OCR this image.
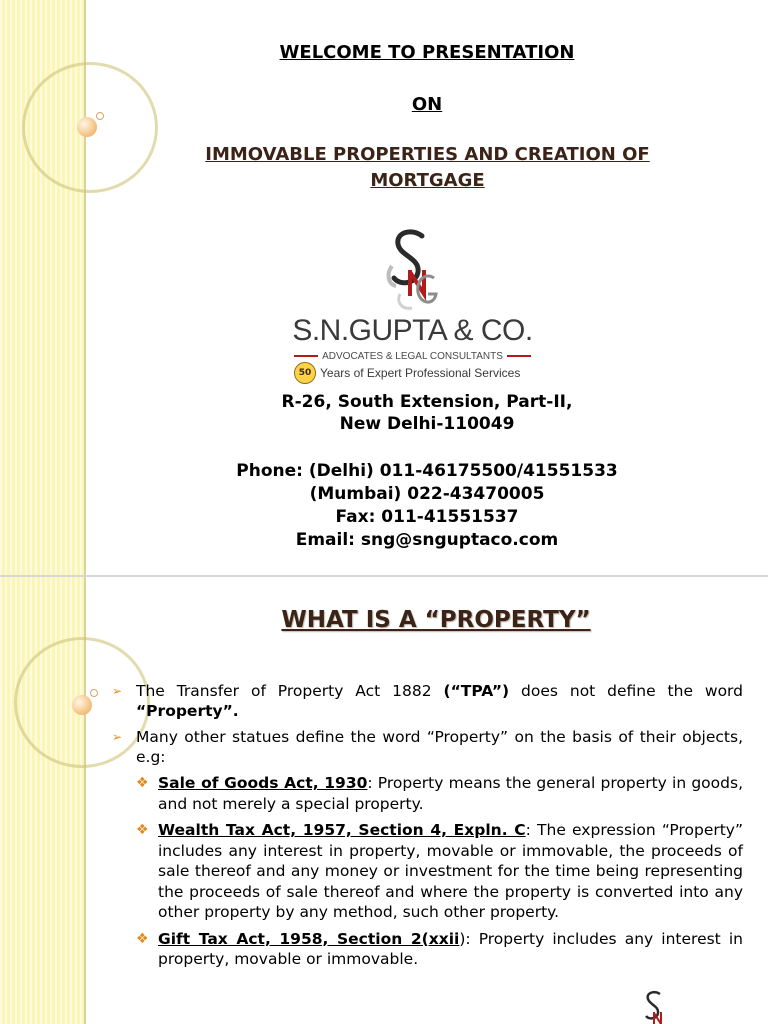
WELCOME TO PRESENTATION
ON
IMMOVABLE PROPERTIES AND CREATION OF MORTGAGE
S.N.GUPTA & CO.
ADVOCATES & LEGAL CONSULTANTS
50 Years of Expert Professional Services
R-26, South Extension, Part-II,
New Delhi-110049
Phone: (Delhi) 011-46175500/41551533
(Mumbai) 022-43470005
Fax: 011-41551537
Email: sng@snguptaco.com
WHAT IS A “PROPERTY”
➢ The Transfer of Property Act 1882 (“TPA”) does not define the word “Property”.
➢ Many other statues define the word “Property” on the basis of their objects, e.g:
❖ Sale of Goods Act, 1930: Property means the general property in goods, and not merely a special property.
❖ Wealth Tax Act, 1957, Section 4, Expln. C: The expression “Property” includes any interest in property, movable or immovable, the proceeds of sale thereof and any money or investment for the time being representing the proceeds of sale thereof and where the property is converted into any other property by any method, such other property.
❖ Gift Tax Act, 1958, Section 2(xxii): Property includes any interest in property, movable or immovable.
